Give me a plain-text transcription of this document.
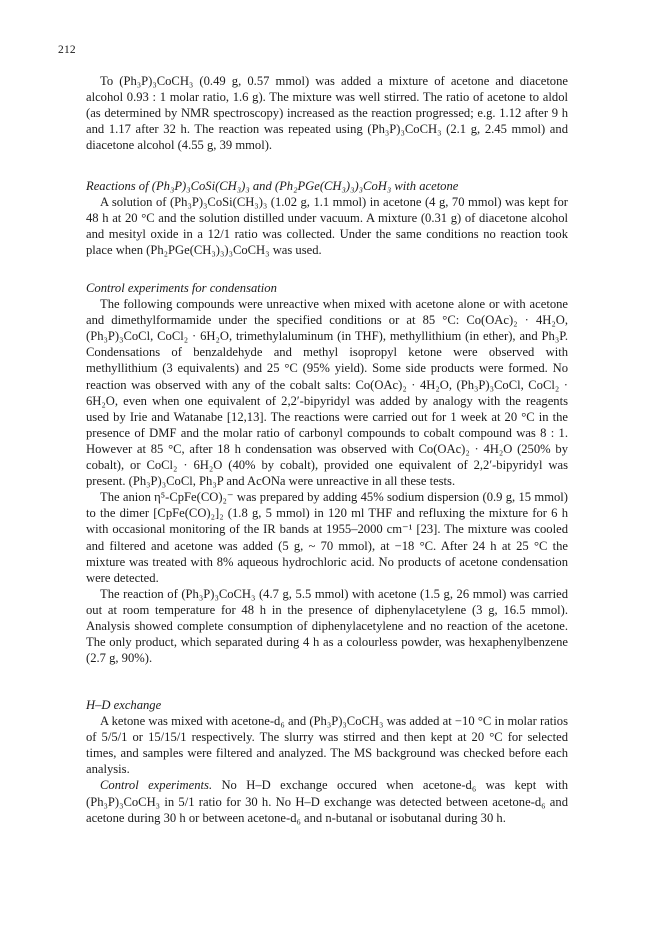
212

To (Ph₃P)₃CoCH₃ (0.49 g, 0.57 mmol) was added a mixture of acetone and diacetone alcohol 0.93 : 1 molar ratio, 1.6 g). The mixture was well stirred. The ratio of acetone to aldol (as determined by NMR spectroscopy) increased as the reaction progressed; e.g. 1.12 after 9 h and 1.17 after 32 h. The reaction was repeated using (Ph₃P)₃CoCH₃ (2.1 g, 2.45 mmol) and diacetone alcohol (4.55 g, 39 mmol).

Reactions of (Ph₃P)₃CoSi(CH₃)₃ and (Ph₂PGe(CH₃)₃)₃CoH₃ with acetone

A solution of (Ph₃P)₃CoSi(CH₃)₃ (1.02 g, 1.1 mmol) in acetone (4 g, 70 mmol) was kept for 48 h at 20 °C and the solution distilled under vacuum. A mixture (0.31 g) of diacetone alcohol and mesityl oxide in a 12/1 ratio was collected. Under the same conditions no reaction took place when (Ph₂PGe(CH₃)₃)₃CoCH₃ was used.

Control experiments for condensation

The following compounds were unreactive when mixed with acetone alone or with acetone and dimethylformamide under the specified conditions or at 85 °C: Co(OAc)₂ · 4H₂O, (Ph₃P)₃CoCl, CoCl₂ · 6H₂O, trimethylaluminum (in THF), methyllithium (in ether), and Ph₃P. Condensations of benzaldehyde and methyl isopropyl ketone were observed with methyllithium (3 equivalents) and 25 °C (95% yield). Some side products were formed. No reaction was observed with any of the cobalt salts: Co(OAc)₂ · 4H₂O, (Ph₃P)₃CoCl, CoCl₂ · 6H₂O, even when one equivalent of 2,2′-bipyridyl was added by analogy with the reagents used by Irie and Watanabe [12,13]. The reactions were carried out for 1 week at 20 °C in the presence of DMF and the molar ratio of carbonyl compounds to cobalt compound was 8 : 1. However at 85 °C, after 18 h condensation was observed with Co(OAc)₂ · 4H₂O (250% by cobalt), or CoCl₂ · 6H₂O (40% by cobalt), provided one equivalent of 2,2′-bipyridyl was present. (Ph₃P)₃CoCl, Ph₃P and AcONa were unreactive in all these tests.

The anion η⁵-CpFe(CO)₂⁻ was prepared by adding 45% sodium dispersion (0.9 g, 15 mmol) to the dimer [CpFe(CO)₂]₂ (1.8 g, 5 mmol) in 120 ml THF and refluxing the mixture for 6 h with occasional monitoring of the IR bands at 1955–2000 cm⁻¹ [23]. The mixture was cooled and filtered and acetone was added (5 g, ~ 70 mmol), at −18 °C. After 24 h at 25 °C the mixture was treated with 8% aqueous hydrochloric acid. No products of acetone condensation were detected.

The reaction of (Ph₃P)₃CoCH₃ (4.7 g, 5.5 mmol) with acetone (1.5 g, 26 mmol) was carried out at room temperature for 48 h in the presence of diphenylacetylene (3 g, 16.5 mmol). Analysis showed complete consumption of diphenylacetylene and no reaction of the acetone. The only product, which separated during 4 h as a colourless powder, was hexaphenylbenzene (2.7 g, 90%).

H–D exchange

A ketone was mixed with acetone-d₆ and (Ph₃P)₃CoCH₃ was added at −10 °C in molar ratios of 5/5/1 or 15/15/1 respectively. The slurry was stirred and then kept at 20 °C for selected times, and samples were filtered and analyzed. The MS background was checked before each analysis.

Control experiments. No H–D exchange occured when acetone-d₆ was kept with (Ph₃P)₃CoCH₃ in 5/1 ratio for 30 h. No H–D exchange was detected between acetone-d₆ and acetone during 30 h or between acetone-d₆ and n-butanal or isobutanal during 30 h.
